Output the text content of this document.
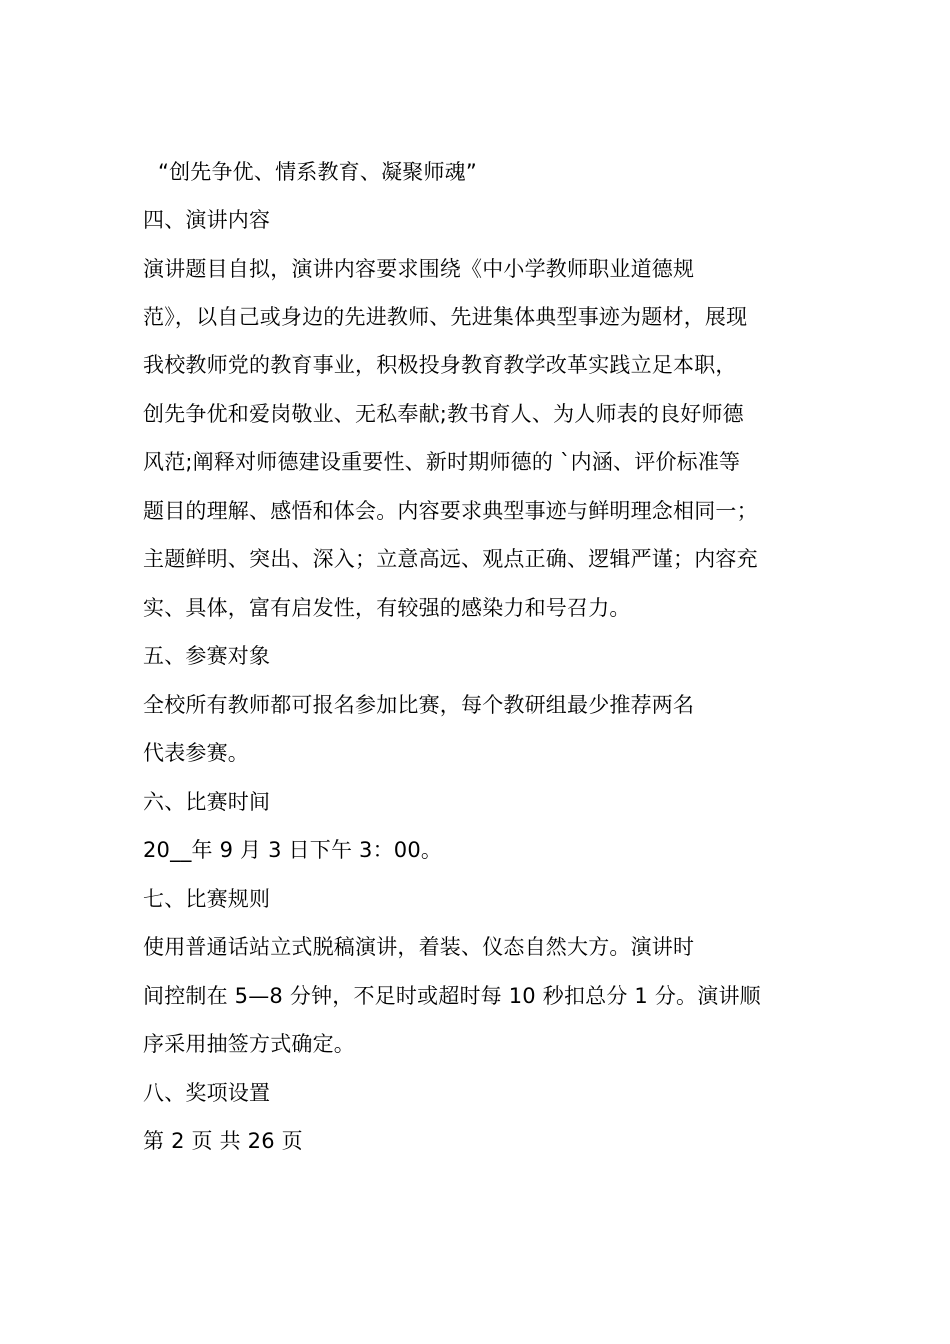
“创先争优、情系教育、凝聚师魂”
四、演讲内容
演讲题目自拟，演讲内容要求围绕《中小学教师职业道德规
范》，以自己或身边的先进教师、先进集体典型事迹为题材，展现
我校教师党的教育事业，积极投身教育教学改革实践立足本职，
创先争优和爱岗敬业、无私奉献;教书育人、为人师表的良好师德
风范;阐释对师德建设重要性、新时期师德的 `内涵、评价标准等
题目的理解、感悟和体会。内容要求典型事迹与鲜明理念相同一；
主题鲜明、突出、深入；立意高远、观点正确、逻辑严谨；内容充
实、具体，富有启发性，有较强的感染力和号召力。
五、参赛对象
全校所有教师都可报名参加比赛，每个教研组最少推荐两名
代表参赛。
六、比赛时间
20__年 9 月 3 日下午 3：00。
七、比赛规则
使用普通话站立式脱稿演讲，着装、仪态自然大方。演讲时
间控制在 5—8 分钟，不足时或超时每 10 秒扣总分 1 分。演讲顺
序采用抽签方式确定。
八、奖项设置
第 2 页 共 26 页
